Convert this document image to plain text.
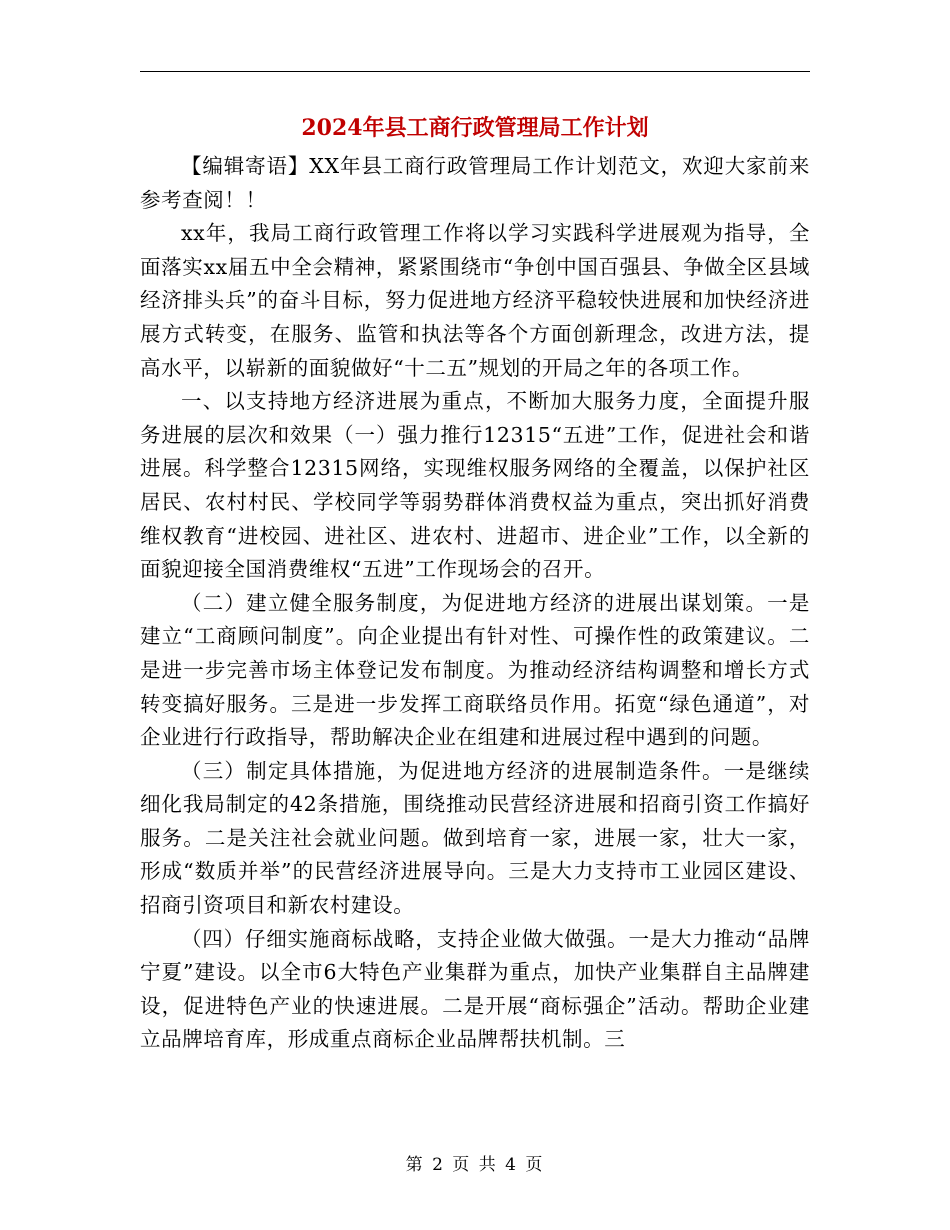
2024年县工商行政管理局工作计划

【编辑寄语】XX年县工商行政管理局工作计划范文，欢迎大家前来参考查阅！！

xx年，我局工商行政管理工作将以学习实践科学进展观为指导，全面落实xx届五中全会精神，紧紧围绕市“争创中国百强县、争做全区县域经济排头兵”的奋斗目标，努力促进地方经济平稳较快进展和加快经济进展方式转变，在服务、监管和执法等各个方面创新理念，改进方法，提高水平，以崭新的面貌做好“十二五”规划的开局之年的各项工作。

一、以支持地方经济进展为重点，不断加大服务力度，全面提升服务进展的层次和效果（一）强力推行12315“五进”工作，促进社会和谐进展。科学整合12315网络，实现维权服务网络的全覆盖，以保护社区居民、农村村民、学校同学等弱势群体消费权益为重点，突出抓好消费维权教育“进校园、进社区、进农村、进超市、进企业”工作，以全新的面貌迎接全国消费维权“五进”工作现场会的召开。

（二）建立健全服务制度，为促进地方经济的进展出谋划策。一是建立“工商顾问制度”。向企业提出有针对性、可操作性的政策建议。二是进一步完善市场主体登记发布制度。为推动经济结构调整和增长方式转变搞好服务。三是进一步发挥工商联络员作用。拓宽“绿色通道”，对企业进行行政指导，帮助解决企业在组建和进展过程中遇到的问题。

（三）制定具体措施，为促进地方经济的进展制造条件。一是继续细化我局制定的42条措施，围绕推动民营经济进展和招商引资工作搞好服务。二是关注社会就业问题。做到培育一家，进展一家，壮大一家，形成“数质并举”的民营经济进展导向。三是大力支持市工业园区建设、招商引资项目和新农村建设。

（四）仔细实施商标战略，支持企业做大做强。一是大力推动“品牌宁夏”建设。以全市6大特色产业集群为重点，加快产业集群自主品牌建设，促进特色产业的快速进展。二是开展“商标强企”活动。帮助企业建立品牌培育库，形成重点商标企业品牌帮扶机制。三

第 2 页 共 4 页
